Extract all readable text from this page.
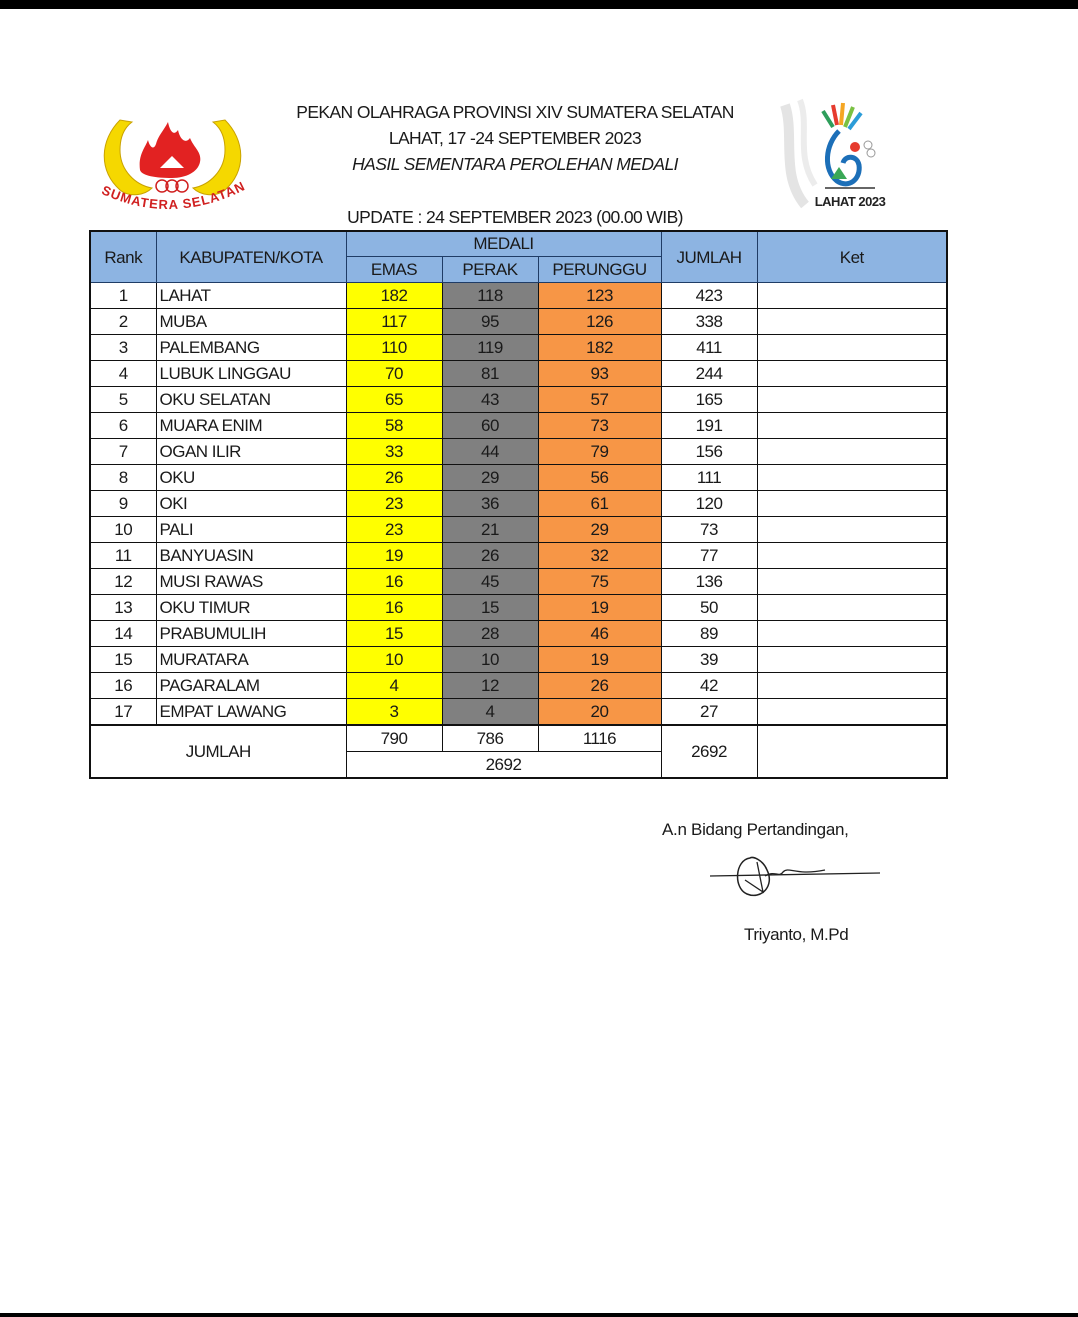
SUMATERA SELATAN
PEKAN OLAHRAGA PROVINSI XIV SUMATERA SELATAN
LAHAT, 17 -24 SEPTEMBER 2023
HASIL SEMENTARA PEROLEHAN MEDALI
LAHAT 2023
UPDATE : 24 SEPTEMBER 2023 (00.00 WIB)
Rank	KABUPATEN/KOTA	MEDALI			JUMLAH	Ket
		EMAS	PERAK	PERUNGGU		
1	LAHAT	182	118	123	423	
2	MUBA	117	95	126	338	
3	PALEMBANG	110	119	182	411	
4	LUBUK LINGGAU	70	81	93	244	
5	OKU SELATAN	65	43	57	165	
6	MUARA ENIM	58	60	73	191	
7	OGAN ILIR	33	44	79	156	
8	OKU	26	29	56	111	
9	OKI	23	36	61	120	
10	PALI	23	21	29	73	
11	BANYUASIN	19	26	32	77	
12	MUSI RAWAS	16	45	75	136	
13	OKU TIMUR	16	15	19	50	
14	PRABUMULIH	15	28	46	89	
15	MURATARA	10	10	19	39	
16	PAGARALAM	4	12	26	42	
17	EMPAT LAWANG	3	4	20	27	
JUMLAH		790	786	1116	2692	
		2692				
A.n Bidang Pertandingan,
Triyanto, M.Pd
